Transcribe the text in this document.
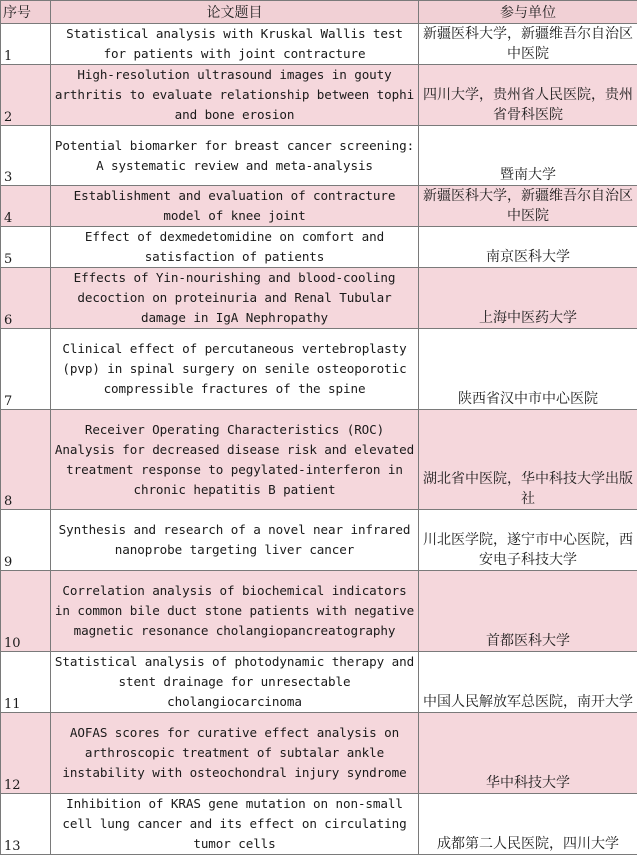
序号	论文题目	参与单位
1	Statistical analysis with Kruskal Wallis test for patients with joint contracture	新疆医科大学，新疆维吾尔自治区中医院
2	High-resolution ultrasound images in gouty arthritis to evaluate relationship between tophi and bone erosion	四川大学，贵州省人民医院，贵州省骨科医院
3	Potential biomarker for breast cancer screening: A systematic review and meta-analysis	暨南大学
4	Establishment and evaluation of contracture model of knee joint	新疆医科大学，新疆维吾尔自治区中医院
5	Effect of dexmedetomidine on comfort and satisfaction of patients	南京医科大学
6	Effects of Yin-nourishing and blood-cooling decoction on proteinuria and Renal Tubular damage in IgA Nephropathy	上海中医药大学
7	Clinical effect of percutaneous vertebroplasty (pvp) in spinal surgery on senile osteoporotic compressible fractures of the spine	陕西省汉中市中心医院
8	Receiver Operating Characteristics (ROC) Analysis for decreased disease risk and elevated treatment response to pegylated-interferon in chronic hepatitis B patient	湖北省中医院，华中科技大学出版社
9	Synthesis and research of a novel near infrared nanoprobe targeting liver cancer	川北医学院，遂宁市中心医院，西安电子科技大学
10	Correlation analysis of biochemical indicators in common bile duct stone patients with negative magnetic resonance cholangiopancreatography	首都医科大学
11	Statistical analysis of photodynamic therapy and stent drainage for unresectable cholangiocarcinoma	中国人民解放军总医院，南开大学
12	AOFAS scores for curative effect analysis on arthroscopic treatment of subtalar ankle instability with osteochondral injury syndrome	华中科技大学
13	Inhibition of KRAS gene mutation on non-small cell lung cancer and its effect on circulating tumor cells	成都第二人民医院，四川大学
